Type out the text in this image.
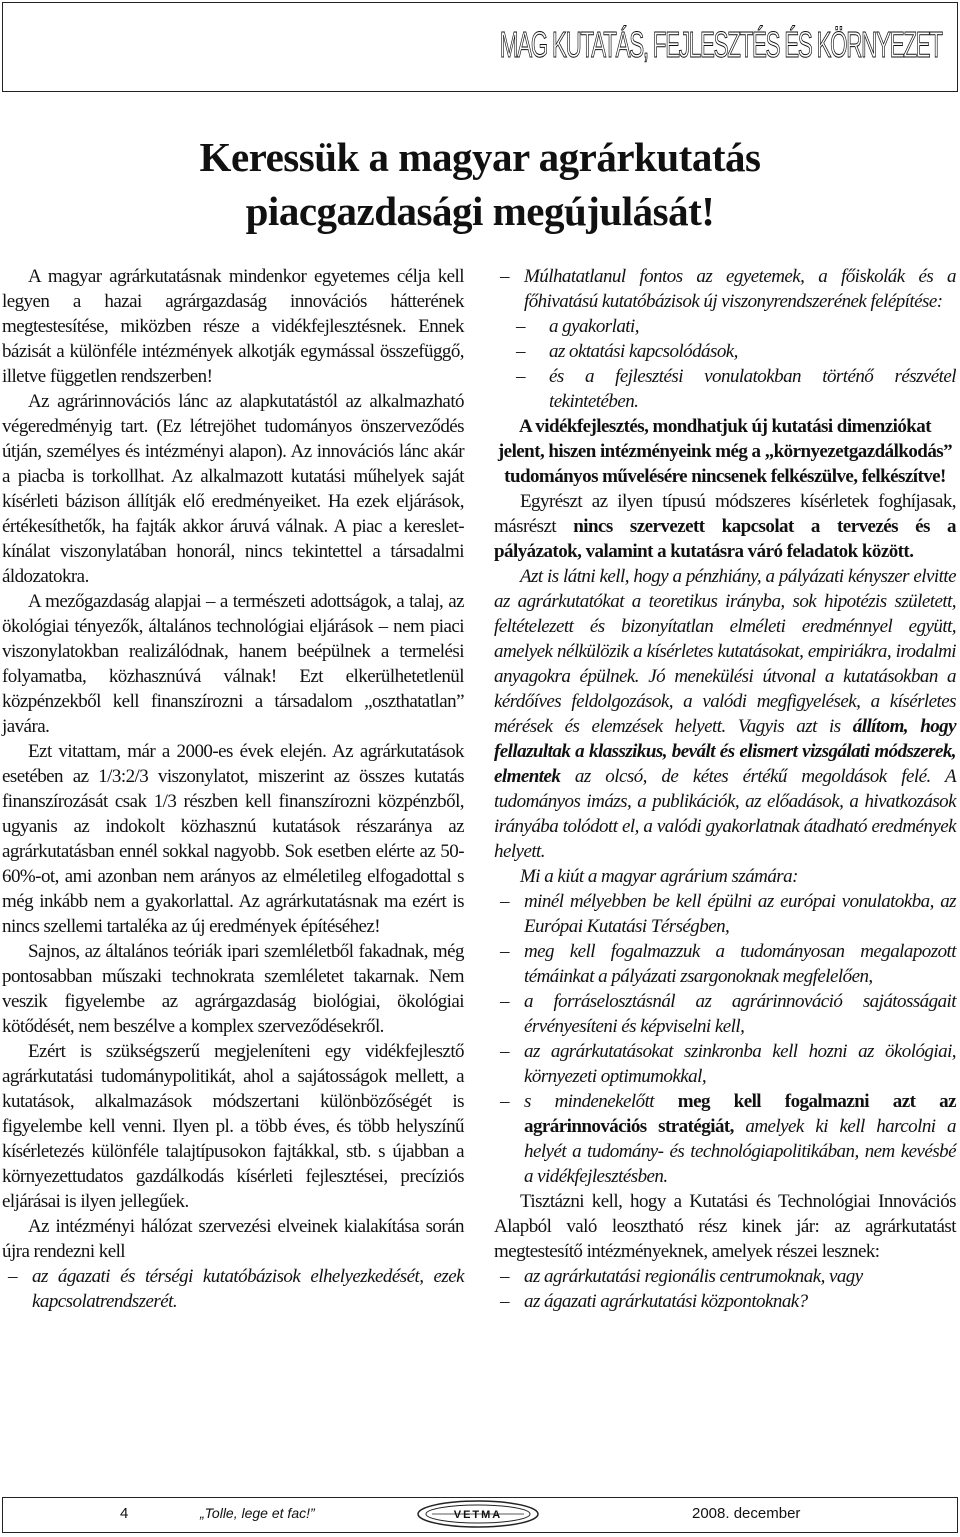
MAG KUTATÁS, FEJLESZTÉS ÉS KÖRNYEZET
Keressük a magyar agrárkutatás
piacgazdasági megújulását!

A magyar agrárkutatásnak mindenkor egyetemes célja kell legyen a hazai agrárgazdaság innovációs hátterének megtestesítése, miközben része a vidékfejlesztésnek. Ennek bázisát a különféle intézmények alkotják egymással összefüggő, illetve független rendszerben!

Az agrárinnovációs lánc az alapkutatástól az alkalmazható végeredményig tart. (Ez létrejöhet tudományos önszerveződés útján, személyes és intézményi alapon). Az innovációs lánc akár a piacba is torkollhat. Az alkalmazott kutatási műhelyek saját kísérleti bázison állítják elő eredményeiket. Ha ezek eljárások, értékesíthetők, ha fajták akkor áruvá válnak. A piac a kereslet-kínálat viszonylatában honorál, nincs tekintettel a társadalmi áldozatokra.

A mezőgazdaság alapjai – a természeti adottságok, a talaj, az ökológiai tényezők, általános technológiai eljárások – nem piaci viszonylatokban realizálódnak, hanem beépülnek a termelési folyamatba, közhasznúvá válnak! Ezt elkerülhetetlenül közpénzekből kell finanszírozni a társadalom „oszthatatlan” javára.

Ezt vitattam, már a 2000-es évek elején. Az agrárkutatások esetében az 1/3:2/3 viszonylatot, miszerint az összes kutatás finanszírozását csak 1/3 részben kell finanszírozni közpénzből, ugyanis az indokolt közhasznú kutatások részaránya az agrárkutatásban ennél sokkal nagyobb. Sok esetben elérte az 50-60%-ot, ami azonban nem arányos az elméletileg elfogadottal s még inkább nem a gyakorlattal. Az agrárkutatásnak ma ezért is nincs szellemi tartaléka az új eredmények építéséhez!

Sajnos, az általános teóriák ipari szemléletből fakadnak, még pontosabban műszaki technokrata szemléletet takarnak. Nem veszik figyelembe az agrárgazdaság biológiai, ökológiai kötődését, nem beszélve a komplex szerveződésekről.

Ezért is szükségszerű megjeleníteni egy vidékfejlesztő agrárkutatási tudománypolitikát, ahol a sajátosságok mellett, a kutatások, alkalmazások módszertani különbözőségét is figyelembe kell venni. Ilyen pl. a több éves, és több helyszínű kísérletezés különféle talajtípusokon fajtákkal, stb. s újabban a környezettudatos gazdálkodás kísérleti fejlesztései, precíziós eljárásai is ilyen jellegűek.

Az intézményi hálózat szervezési elveinek kialakítása során újra rendezni kell

– az ágazati és térségi kutatóbázisok elhelyezkedését, ezek kapcsolatrendszerét.

– Múlhatatlanul fontos az egyetemek, a főiskolák és a főhivatású kutatóbázisok új viszonyrendszerének felépítése:

– a gyakorlati,

– az oktatási kapcsolódások,

– és a fejlesztési vonulatokban történő részvétel tekintetében.

A vidékfejlesztés, mondhatjuk új kutatási dimenziókat jelent, hiszen intézményeink még a „környezetgazdálkodás” tudományos művelésére nincsenek felkészülve, felkészítve!

Egyrészt az ilyen típusú módszeres kísérletek foghíjasak, másrészt nincs szervezett kapcsolat a tervezés és a pályázatok, valamint a kutatásra váró feladatok között.

Azt is látni kell, hogy a pénzhiány, a pályázati kényszer elvitte az agrárkutatókat a teoretikus irányba, sok hipotézis született, feltételezett és bizonyítatlan elméleti eredménnyel együtt, amelyek nélkülözik a kísérletes kutatásokat, empiriákra, irodalmi anyagokra épülnek. Jó menekülési útvonal a kutatásokban a kérdőíves feldolgozások, a valódi megfigyelések, a kísérletes mérések és elemzések helyett. Vagyis azt is állítom, hogy fellazultak a klasszikus, bevált és elismert vizsgálati módszerek, elmentek az olcsó, de kétes értékű megoldások felé. A tudományos imázs, a publikációk, az előadások, a hivatkozások irányába tolódott el, a valódi gyakorlatnak átadható eredmények helyett.

Mi a kiút a magyar agrárium számára:

– minél mélyebben be kell épülni az európai vonulatokba, az Európai Kutatási Térségben,

– meg kell fogalmazzuk a tudományosan megalapozott témáinkat a pályázati zsargonoknak megfelelően,

– a forráselosztásnál az agrárinnováció sajátosságait érvényesíteni és képviselni kell,

– az agrárkutatásokat szinkronba kell hozni az ökológiai, környezeti optimumokkal,

– s mindenekelőtt meg kell fogalmazni azt az agrárinnovációs stratégiát, amelyek ki kell harcolni a helyét a tudomány- és technológiapolitikában, nem kevésbé a vidékfejlesztésben.

Tisztázni kell, hogy a Kutatási és Technológiai Innovációs Alapból való leosztható rész kinek jár: az agrárkutatást megtestesítő intézményeknek, amelyek részei lesznek:

– az agrárkutatási regionális centrumoknak, vagy

– az ágazati agrárkutatási központoknak?

4	„Tolle, lege et fac!”	VETMA	2008. december
